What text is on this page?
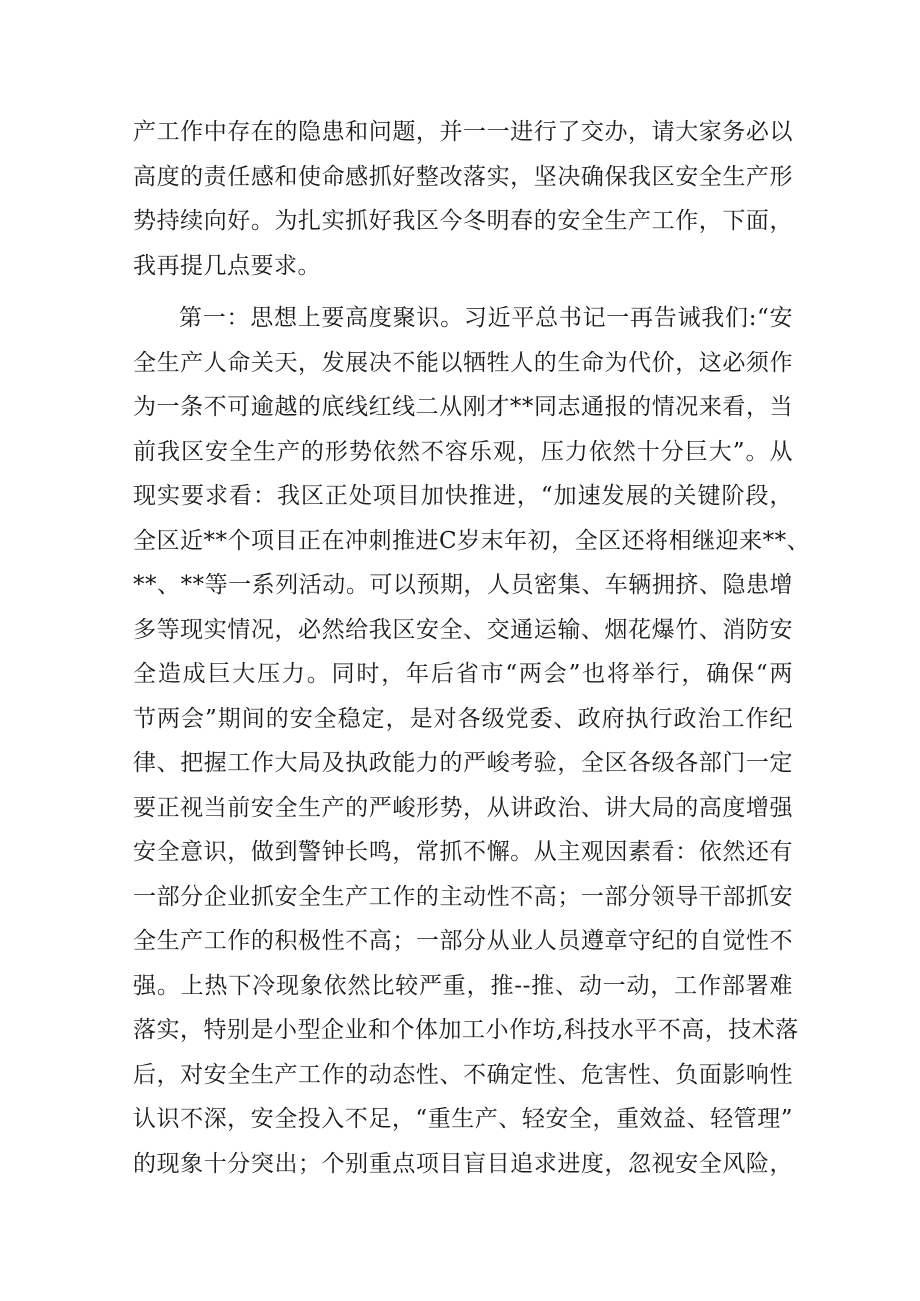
产工作中存在的隐患和问题，并一一进行了交办，请大家务必以
高度的责任感和使命感抓好整改落实，坚决确保我区安全生产形
势持续向好。为扎实抓好我区今冬明春的安全生产工作，下面，
我再提几点要求。
第一：思想上要高度聚识。习近平总书记一再告诫我们:“安
全生产人命关天，发展决不能以牺牲人的生命为代价，这必须作
为一条不可逾越的底线红线二从刚才**同志通报的情况来看，当
前我区安全生产的形势依然不容乐观，压力依然十分巨大”。从
现实要求看：我区正处项目加快推进，“加速发展的关键阶段，
全区近**个项目正在冲刺推进C岁末年初，全区还将相继迎来**、
**、**等一系列活动。可以预期，人员密集、车辆拥挤、隐患增
多等现实情况，必然给我区安全、交通运输、烟花爆竹、消防安
全造成巨大压力。同时，年后省市“两会”也将举行，确保“两
节两会”期间的安全稳定，是对各级党委、政府执行政治工作纪
律、把握工作大局及执政能力的严峻考验，全区各级各部门一定
要正视当前安全生产的严峻形势，从讲政治、讲大局的高度增强
安全意识，做到警钟长鸣，常抓不懈。从主观因素看：依然还有
一部分企业抓安全生产工作的主动性不高；一部分领导干部抓安
全生产工作的积极性不高；一部分从业人员遵章守纪的自觉性不
强。上热下冷现象依然比较严重，推--推、动一动，工作部署难
落实，特别是小型企业和个体加工小作坊,科技水平不高，技术落
后，对安全生产工作的动态性、不确定性、危害性、负面影响性
认识不深，安全投入不足，“重生产、轻安全，重效益、轻管理”
的现象十分突出；个别重点项目盲目追求进度，忽视安全风险，
